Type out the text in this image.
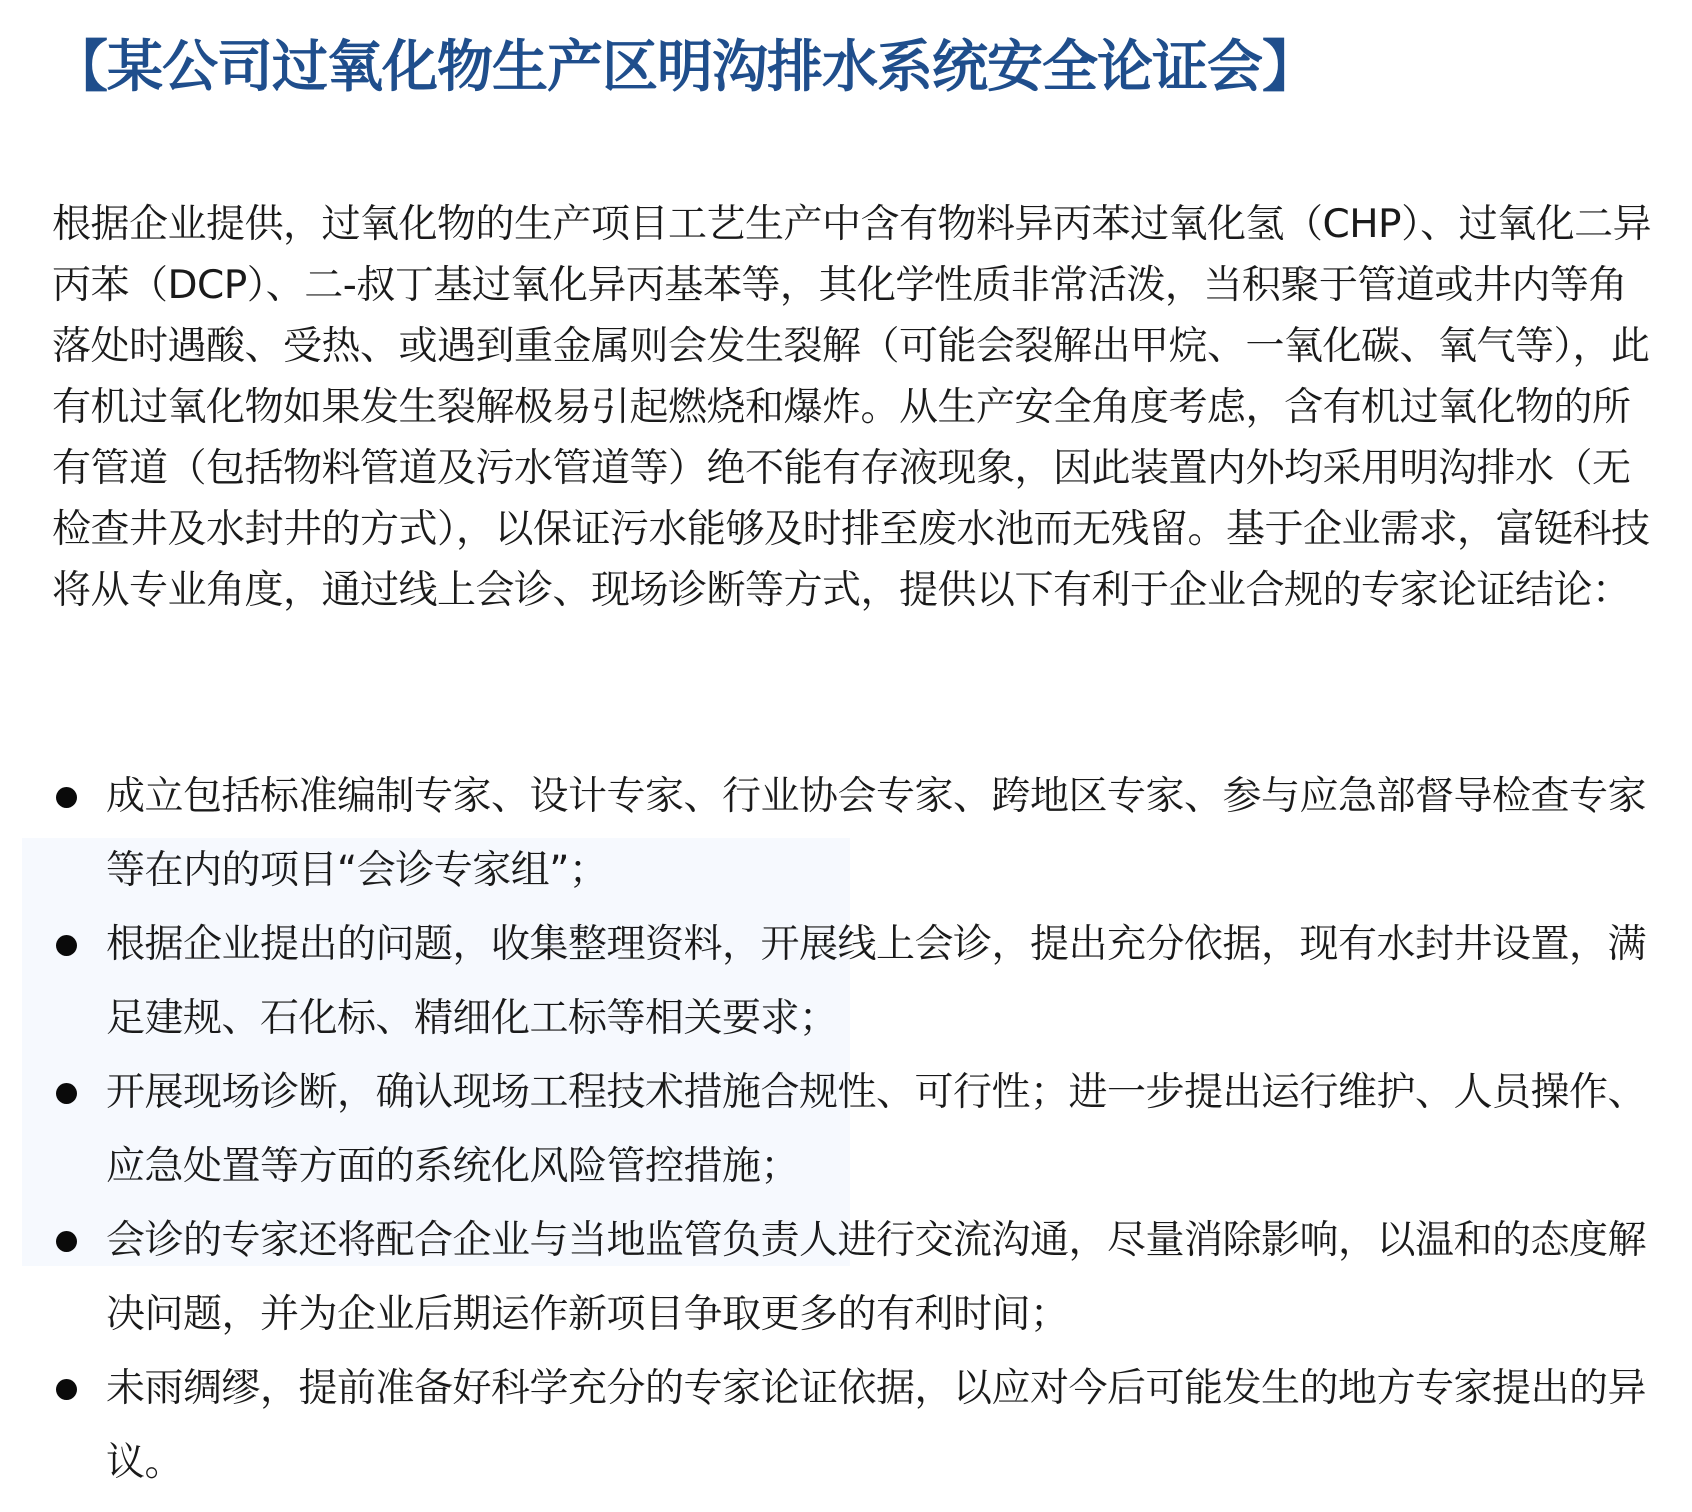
【某公司过氧化物生产区明沟排水系统安全论证会】

根据企业提供，过氧化物的生产项目工艺生产中含有物料异丙苯过氧化氢（CHP）、过氧化二异丙苯（DCP）、二-叔丁基过氧化异丙基苯等，其化学性质非常活泼，当积聚于管道或井内等角落处时遇酸、受热、或遇到重金属则会发生裂解（可能会裂解出甲烷、一氧化碳、氧气等），此有机过氧化物如果发生裂解极易引起燃烧和爆炸。从生产安全角度考虑，含有机过氧化物的所有管道（包括物料管道及污水管道等）绝不能有存液现象，因此装置内外均采用明沟排水（无检查井及水封井的方式），以保证污水能够及时排至废水池而无残留。基于企业需求，富铤科技将从专业角度，通过线上会诊、现场诊断等方式，提供以下有利于企业合规的专家论证结论：

成立包括标准编制专家、设计专家、行业协会专家、跨地区专家、参与应急部督导检查专家等在内的项目“会诊专家组”；
根据企业提出的问题，收集整理资料，开展线上会诊，提出充分依据，现有水封井设置，满足建规、石化标、精细化工标等相关要求；
开展现场诊断，确认现场工程技术措施合规性、可行性；进一步提出运行维护、人员操作、应急处置等方面的系统化风险管控措施；
会诊的专家还将配合企业与当地监管负责人进行交流沟通，尽量消除影响，以温和的态度解决问题，并为企业后期运作新项目争取更多的有利时间；
未雨绸缪，提前准备好科学充分的专家论证依据，以应对今后可能发生的地方专家提出的异议。
